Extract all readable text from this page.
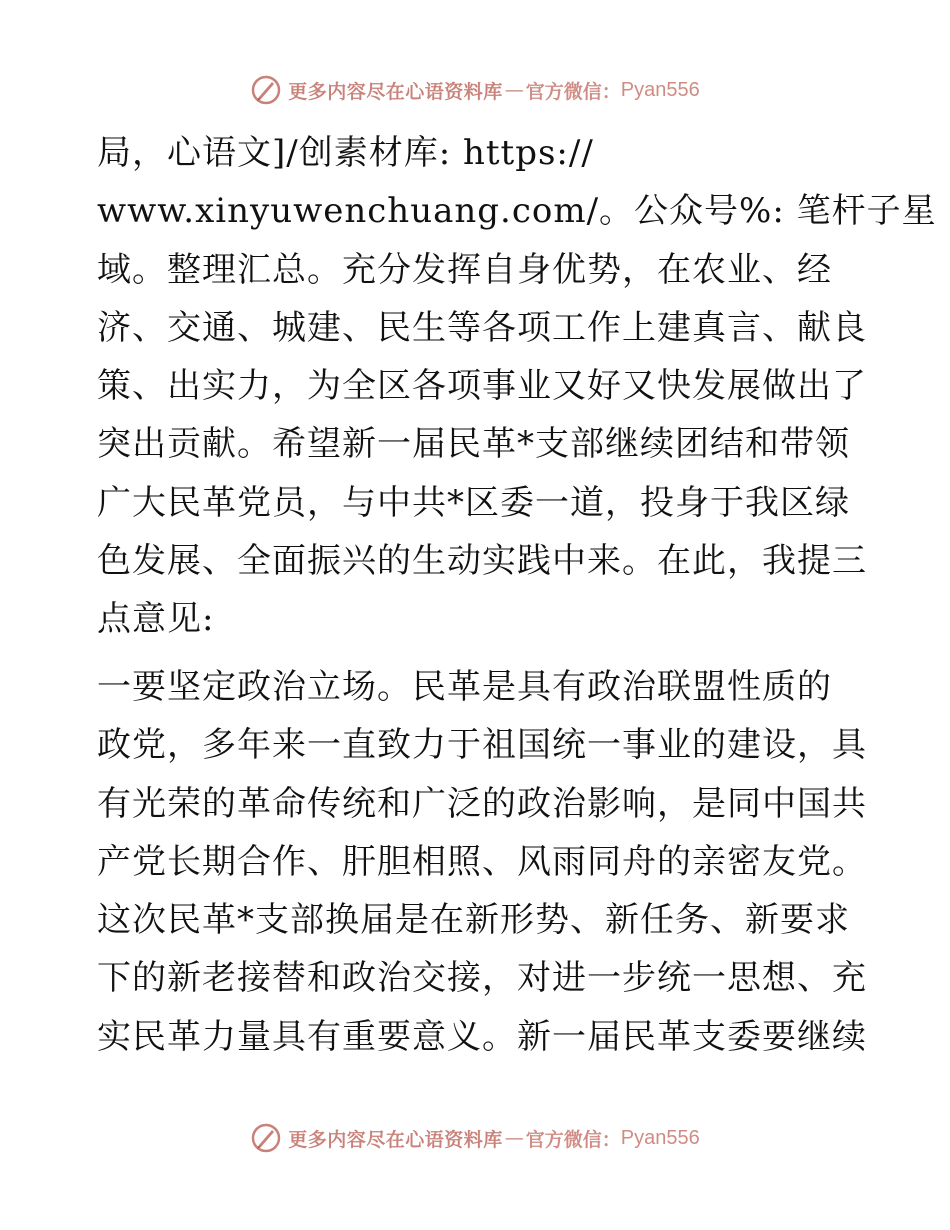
更多内容尽在心语资料库 — 官方微信： Pyan556
局，心语文]/创素材库: https://
www.xinyuwenchuang.com/。公众号%: 笔杆子星
域。整理汇总。充分发挥自身优势，在农业、经
济、交通、城建、民生等各项工作上建真言、献良
策、出实力，为全区各项事业又好又快发展做出了
突出贡献。希望新一届民革*支部继续团结和带领
广大民革党员，与中共*区委一道，投身于我区绿
色发展、全面振兴的生动实践中来。在此，我提三
点意见:
一要坚定政治立场。民革是具有政治联盟性质的
政党，多年来一直致力于祖国统一事业的建设，具
有光荣的革命传统和广泛的政治影响，是同中国共
产党长期合作、肝胆相照、风雨同舟的亲密友党。
这次民革*支部换届是在新形势、新任务、新要求
下的新老接替和政治交接，对进一步统一思想、充
实民革力量具有重要意义。新一届民革支委要继续
更多内容尽在心语资料库 — 官方微信： Pyan556
